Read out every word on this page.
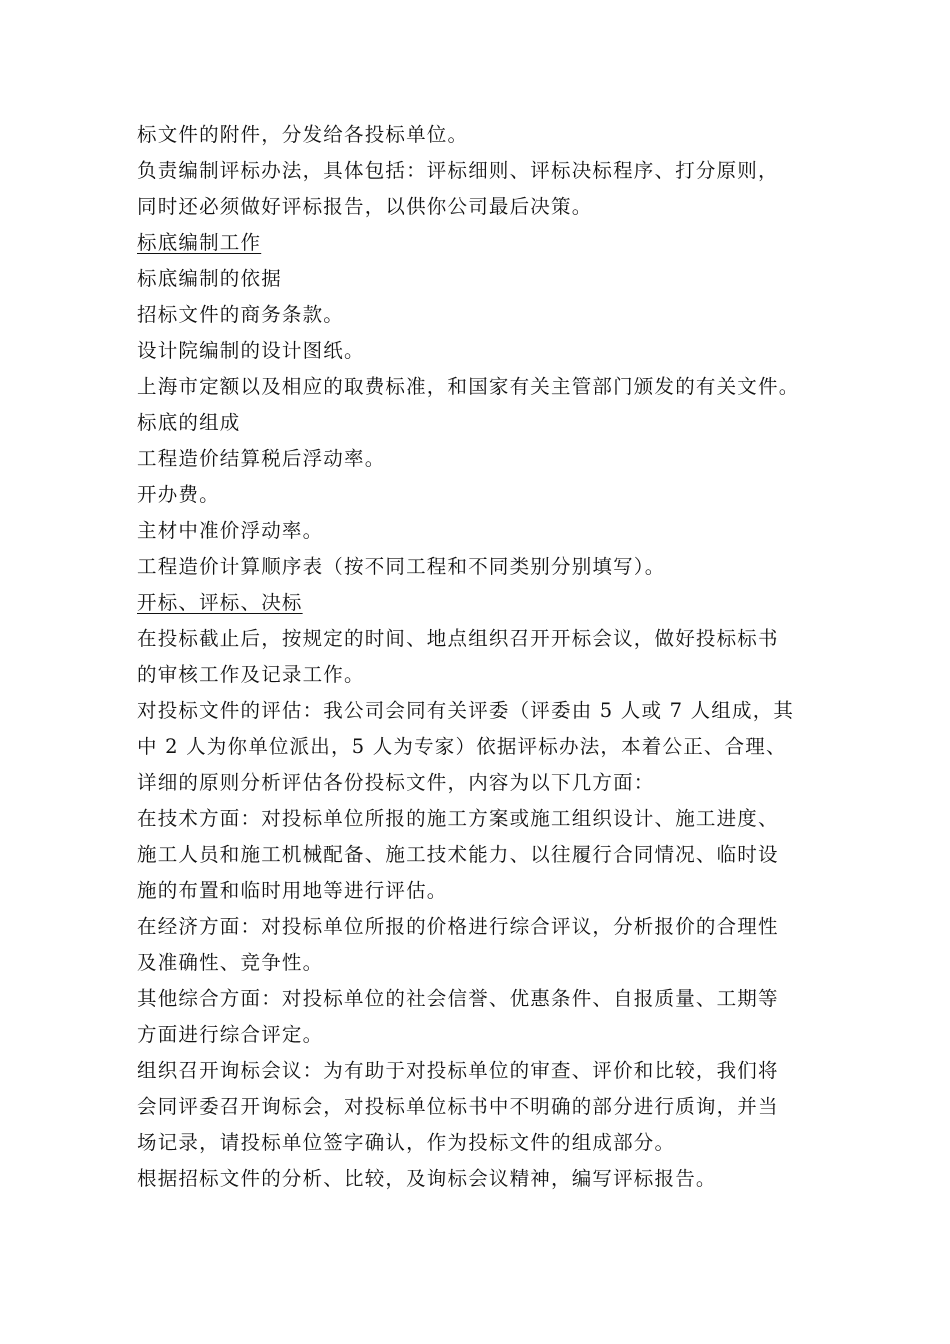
标文件的附件，分发给各投标单位。
负责编制评标办法，具体包括：评标细则、评标决标程序、打分原则，
同时还必须做好评标报告，以供你公司最后决策。
标底编制工作
标底编制的依据
招标文件的商务条款。
设计院编制的设计图纸。
上海市定额以及相应的取费标准，和国家有关主管部门颁发的有关文件。
标底的组成
工程造价结算税后浮动率。
开办费。
主材中准价浮动率。
工程造价计算顺序表（按不同工程和不同类别分别填写）。
开标、评标、决标
在投标截止后，按规定的时间、地点组织召开开标会议，做好投标标书
的审核工作及记录工作。
对投标文件的评估：我公司会同有关评委（评委由 5 人或 7 人组成，其
中 2 人为你单位派出，5 人为专家）依据评标办法，本着公正、合理、
详细的原则分析评估各份投标文件，内容为以下几方面：
在技术方面：对投标单位所报的施工方案或施工组织设计、施工进度、
施工人员和施工机械配备、施工技术能力、以往履行合同情况、临时设
施的布置和临时用地等进行评估。
在经济方面：对投标单位所报的价格进行综合评议，分析报价的合理性
及准确性、竞争性。
其他综合方面：对投标单位的社会信誉、优惠条件、自报质量、工期等
方面进行综合评定。
组织召开询标会议：为有助于对投标单位的审查、评价和比较，我们将
会同评委召开询标会，对投标单位标书中不明确的部分进行质询，并当
场记录，请投标单位签字确认，作为投标文件的组成部分。
根据招标文件的分析、比较，及询标会议精神，编写评标报告。
